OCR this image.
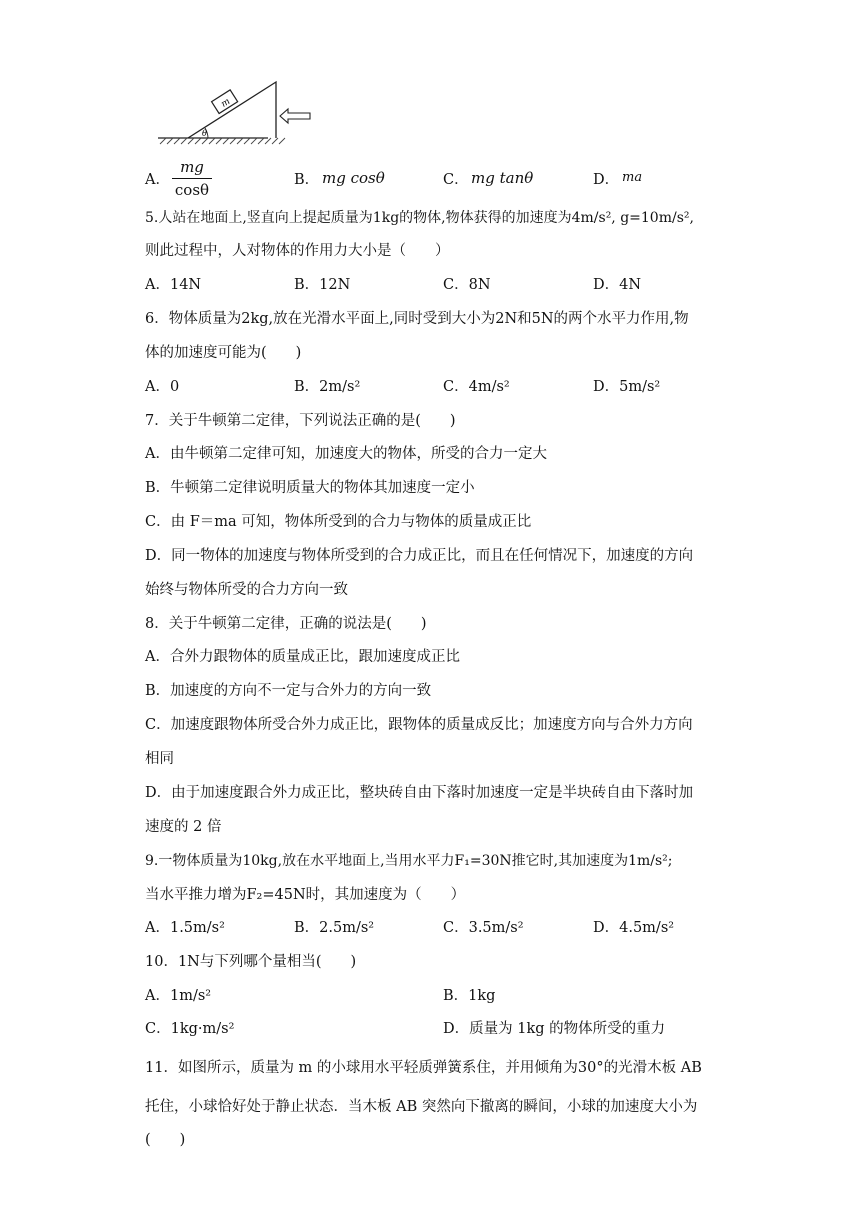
θ
m
A． $\frac{mg}{\cos\theta}$	B． mg cosθ	C． mg tanθ	D． ma
5.人站在地面上,竖直向上提起质量为1kg的物体,物体获得的加速度为4m/s², g=10m/s²,
则此过程中，人对物体的作用力大小是（　　）
A．14N	B．12N	C．8N	D．4N
6．物体质量为2kg,放在光滑水平面上,同时受到大小为2N和5N的两个水平力作用,物
体的加速度可能为(　　)
A．0	B．2m/s²	C．4m/s²	D．5m/s²
7．关于牛顿第二定律，下列说法正确的是(　　)
A．由牛顿第二定律可知，加速度大的物体，所受的合力一定大
B．牛顿第二定律说明质量大的物体其加速度一定小
C．由 F＝ma 可知，物体所受到的合力与物体的质量成正比
D．同一物体的加速度与物体所受到的合力成正比，而且在任何情况下，加速度的方向
始终与物体所受的合力方向一致
8．关于牛顿第二定律，正确的说法是(　　)
A．合外力跟物体的质量成正比，跟加速度成正比
B．加速度的方向不一定与合外力的方向一致
C．加速度跟物体所受合外力成正比，跟物体的质量成反比；加速度方向与合外力方向
相同
D．由于加速度跟合外力成正比，整块砖自由下落时加速度一定是半块砖自由下落时加
速度的 2 倍
9.一物体质量为10kg,放在水平地面上,当用水平力F₁=30N推它时,其加速度为1m/s²;
当水平推力增为F₂=45N时，其加速度为（　　）
A．1.5m/s²	B．2.5m/s²	C．3.5m/s²	D．4.5m/s²
10．1N与下列哪个量相当(　　)
A．1m/s²	B．1kg
C．1kg·m/s²	D．质量为 1kg 的物体所受的重力
11．如图所示，质量为 m 的小球用水平轻质弹簧系住，并用倾角为30°的光滑木板 AB
托住，小球恰好处于静止状态．当木板 AB 突然向下撤离的瞬间，小球的加速度大小为
(　　)
